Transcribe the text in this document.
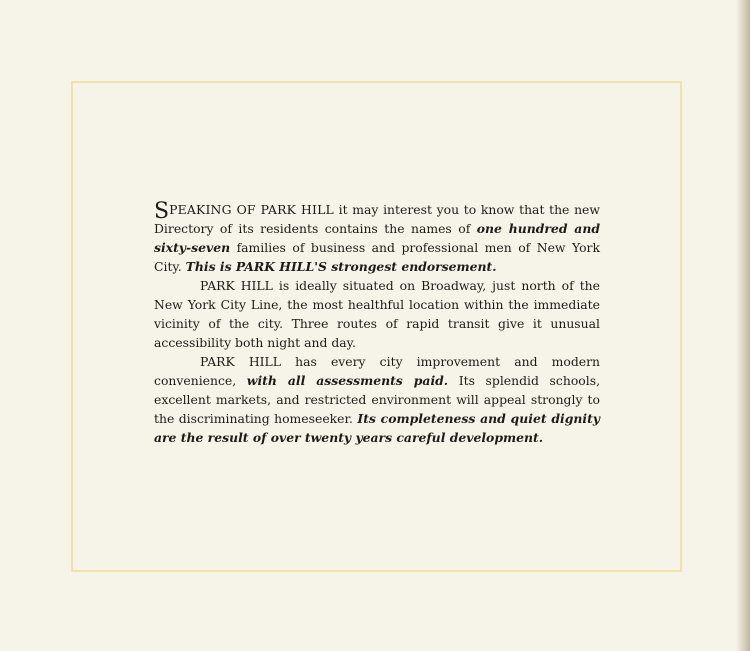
SPEAKING OF PARK HILL it may interest you to know that the new Directory of its residents contains the names of one hundred and sixty-seven families of business and professional men of New York City. This is PARK HILL'S strongest endorsement.

PARK HILL is ideally situated on Broadway, just north of the New York City Line, the most healthful location within the immediate vicinity of the city. Three routes of rapid transit give it unusual accessibility both night and day.

PARK HILL has every city improvement and modern convenience, with all assessments paid. Its splendid schools, excellent markets, and restricted environment will appeal strongly to the discriminating homeseeker. Its completeness and quiet dignity are the result of over twenty years careful development.
